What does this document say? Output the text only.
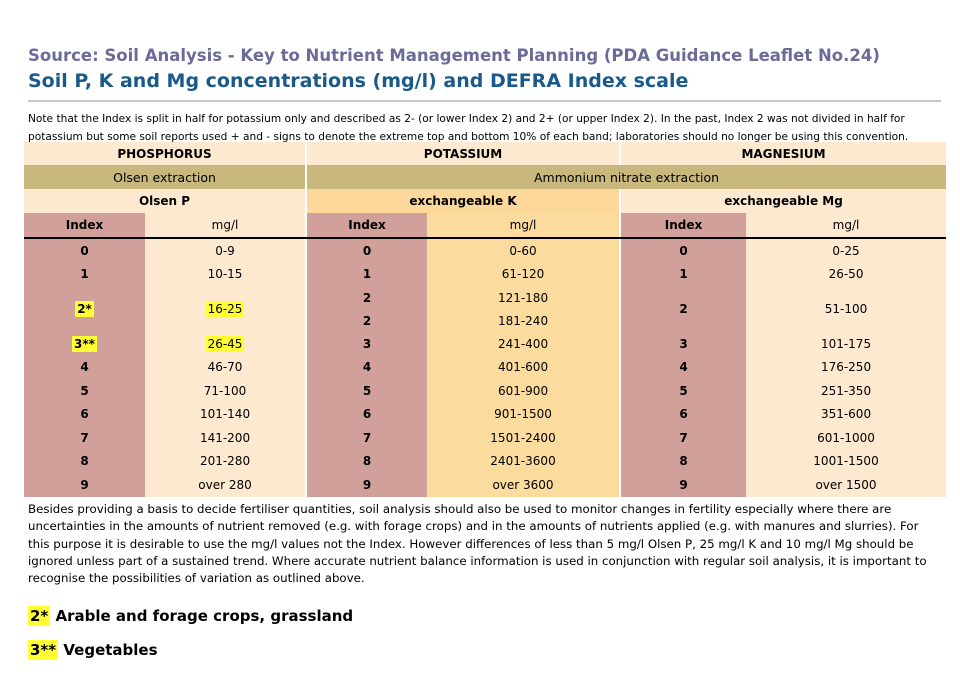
Source: Soil Analysis - Key to Nutrient Management Planning (PDA Guidance Leaflet No.24)
Soil P, K and Mg concentrations (mg/l) and DEFRA Index scale
Note that the Index is split in half for potassium only and described as 2- (or lower Index 2) and 2+ (or upper Index 2). In the past, Index 2 was not divided in half for potassium but some soil reports used + and - signs to denote the extreme top and bottom 10% of each band; laboratories should no longer be using this convention.
PHOSPHORUS		POTASSIUM		MAGNESIUM	
Olsen extraction		Ammonium nitrate extraction			
Olsen P		exchangeable K		exchangeable Mg	
Index	mg/l	Index	mg/l	Index	mg/l
0	0-9	0	0-60	0	0-25
1	10-15	1	61-120	1	26-50
2*	16-25	2	121-180	2	51-100
		2	181-240		
3**	26-45	3	241-400	3	101-175
4	46-70	4	401-600	4	176-250
5	71-100	5	601-900	5	251-350
6	101-140	6	901-1500	6	351-600
7	141-200	7	1501-2400	7	601-1000
8	201-280	8	2401-3600	8	1001-1500
9	over 280	9	over 3600	9	over 1500
Besides providing a basis to decide fertiliser quantities, soil analysis should also be used to monitor changes in fertility especially where there are uncertainties in the amounts of nutrient removed (e.g. with forage crops) and in the amounts of nutrients applied (e.g. with manures and slurries). For this purpose it is desirable to use the mg/l values not the Index. However differences of less than 5 mg/l Olsen P, 25 mg/l K and 10 mg/l Mg should be ignored unless part of a sustained trend. Where accurate nutrient balance information is used in conjunction with regular soil analysis, it is important to recognise the possibilities of variation as outlined above.
2* Arable and forage crops, grassland
3** Vegetables
